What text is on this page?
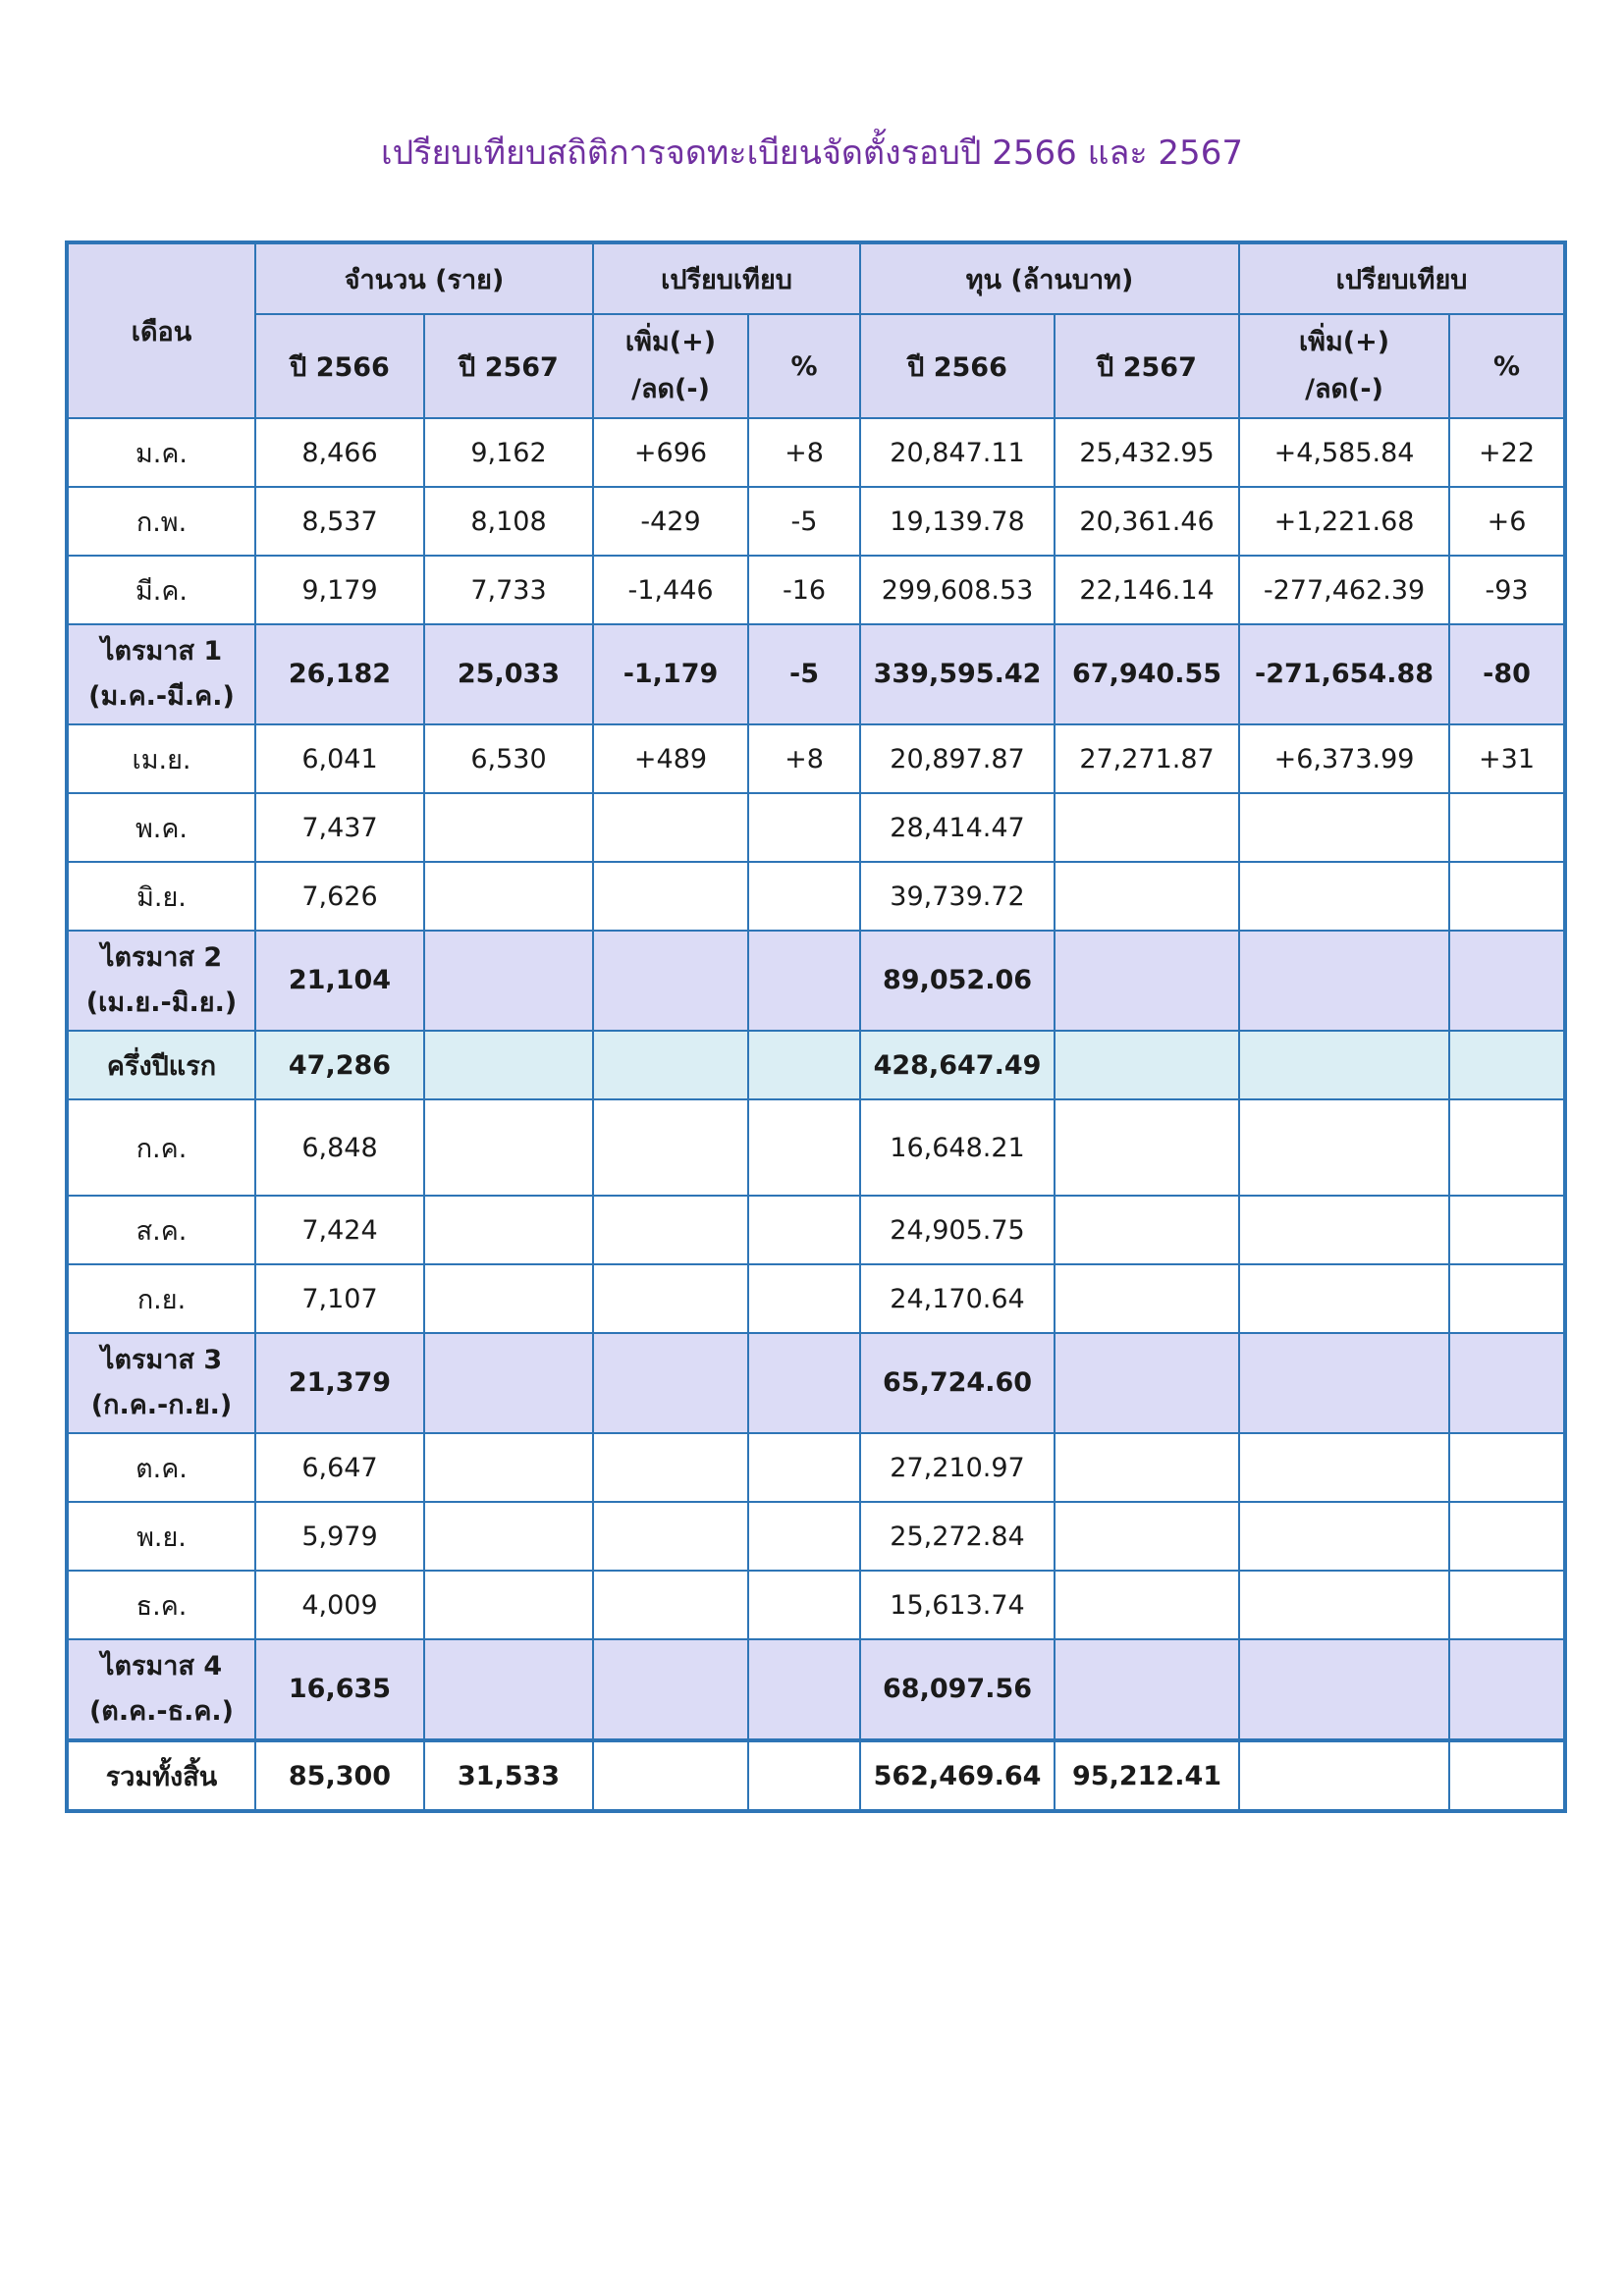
เปรียบเทียบสถิติการจดทะเบียนจัดตั้งรอบปี 2566 และ 2567
เดือน	จำนวน (ราย)		เปรียบเทียบ		ทุน (ล้านบาท)		เปรียบเทียบ	
	ปี 2566	ปี 2567	เพิ่ม(+)
/ลด(-)	%	ปี 2566	ปี 2567	เพิ่ม(+)
/ลด(-)	%
ม.ค.	8,466	9,162	+696	+8	20,847.11	25,432.95	+4,585.84	+22
ก.พ.	8,537	8,108	-429	-5	19,139.78	20,361.46	+1,221.68	+6
มี.ค.	9,179	7,733	-1,446	-16	299,608.53	22,146.14	-277,462.39	-93
ไตรมาส 1
(ม.ค.-มี.ค.)	26,182	25,033	-1,179	-5	339,595.42	67,940.55	-271,654.88	-80
เม.ย.	6,041	6,530	+489	+8	20,897.87	27,271.87	+6,373.99	+31
พ.ค.	7,437				28,414.47			
มิ.ย.	7,626				39,739.72			
ไตรมาส 2
(เม.ย.-มิ.ย.)	21,104				89,052.06			
ครึ่งปีแรก	47,286				428,647.49			
ก.ค.	6,848				16,648.21			
ส.ค.	7,424				24,905.75			
ก.ย.	7,107				24,170.64			
ไตรมาส 3
(ก.ค.-ก.ย.)	21,379				65,724.60			
ต.ค.	6,647				27,210.97			
พ.ย.	5,979				25,272.84			
ธ.ค.	4,009				15,613.74			
ไตรมาส 4
(ต.ค.-ธ.ค.)	16,635				68,097.56			
รวมทั้งสิ้น	85,300	31,533			562,469.64	95,212.41		
